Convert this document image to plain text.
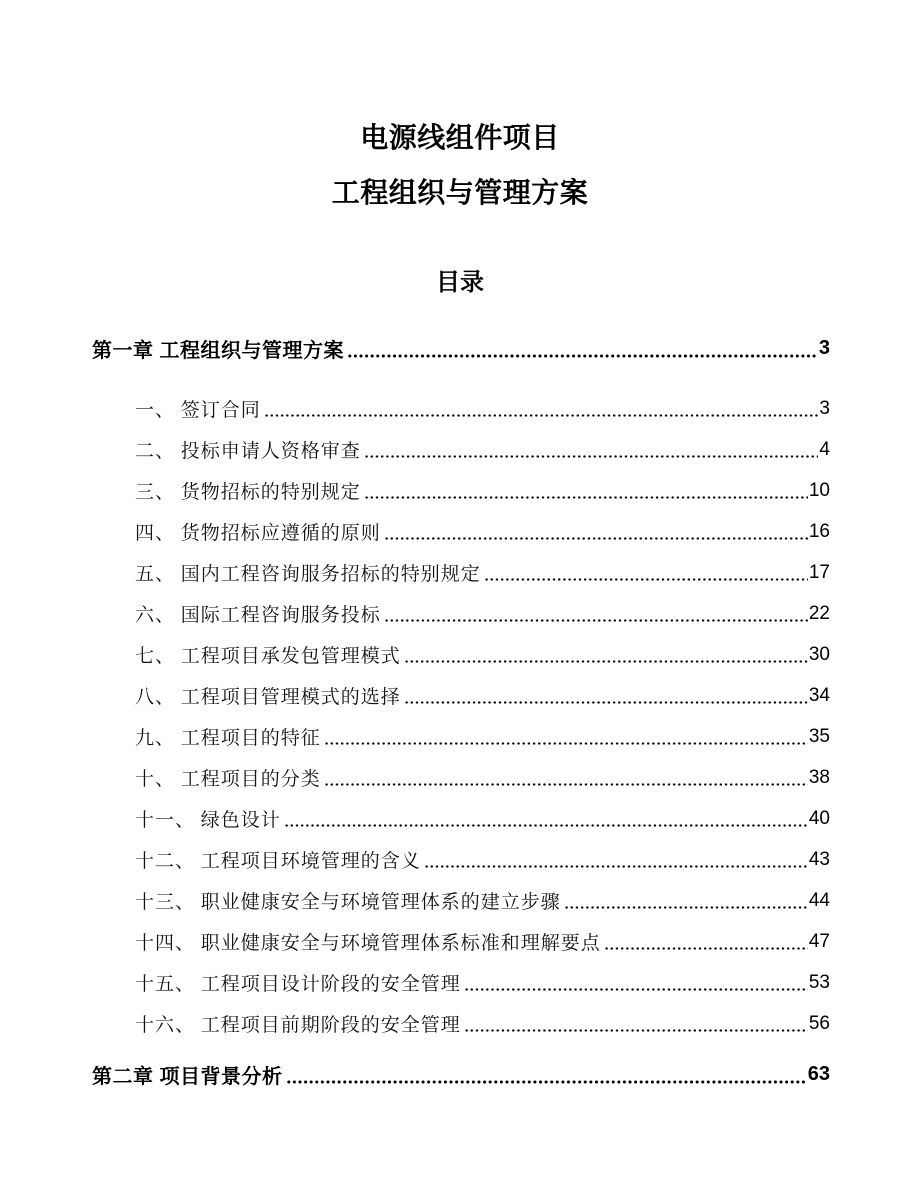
电源线组件项目
工程组织与管理方案
目录
第一章 工程组织与管理方案	3
一、 签订合同	3
二、 投标申请人资格审查	4
三、 货物招标的特别规定	10
四、 货物招标应遵循的原则	16
五、 国内工程咨询服务招标的特别规定	17
六、 国际工程咨询服务投标	22
七、 工程项目承发包管理模式	30
八、 工程项目管理模式的选择	34
九、 工程项目的特征	35
十、 工程项目的分类	38
十一、 绿色设计	40
十二、 工程项目环境管理的含义	43
十三、 职业健康安全与环境管理体系的建立步骤	44
十四、 职业健康安全与环境管理体系标准和理解要点	47
十五、 工程项目设计阶段的安全管理	53
十六、 工程项目前期阶段的安全管理	56
第二章 项目背景分析	63
